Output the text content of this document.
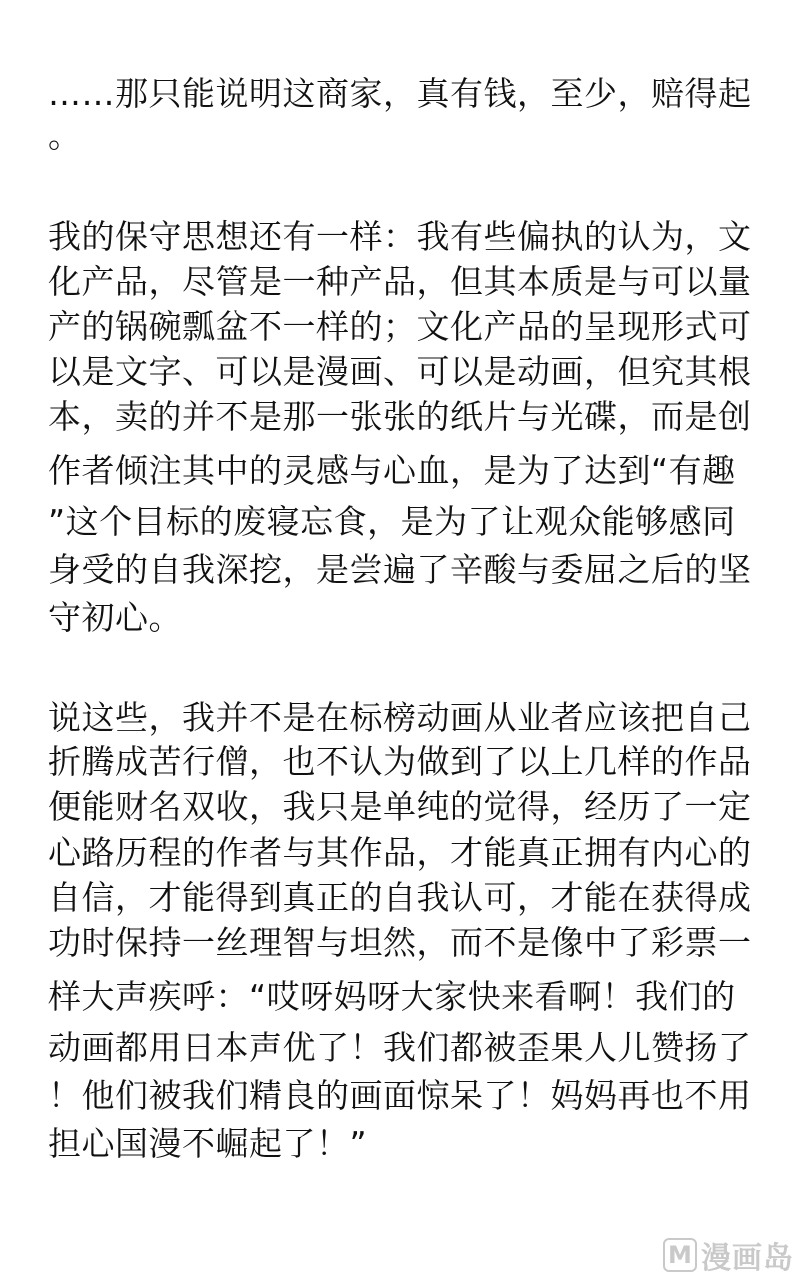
……那只能说明这商家，真有钱，至少，赔得起
。
我的保守思想还有一样：我有些偏执的认为，文
化产品，尽管是一种产品，但其本质是与可以量
产的锅碗瓢盆不一样的；文化产品的呈现形式可
以是文字、可以是漫画、可以是动画，但究其根
本，卖的并不是那一张张的纸片与光碟，而是创
作者倾注其中的灵感与心血，是为了达到“有趣
”这个目标的废寝忘食，是为了让观众能够感同
身受的自我深挖，是尝遍了辛酸与委屈之后的坚
守初心。
说这些，我并不是在标榜动画从业者应该把自己
折腾成苦行僧，也不认为做到了以上几样的作品
便能财名双收，我只是单纯的觉得，经历了一定
心路历程的作者与其作品，才能真正拥有内心的
自信，才能得到真正的自我认可，才能在获得成
功时保持一丝理智与坦然，而不是像中了彩票一
样大声疾呼：“哎呀妈呀大家快来看啊！我们的
动画都用日本声优了！我们都被歪果人儿赞扬了
！他们被我们精良的画面惊呆了！妈妈再也不用
担心国漫不崛起了！”
M 漫画岛
